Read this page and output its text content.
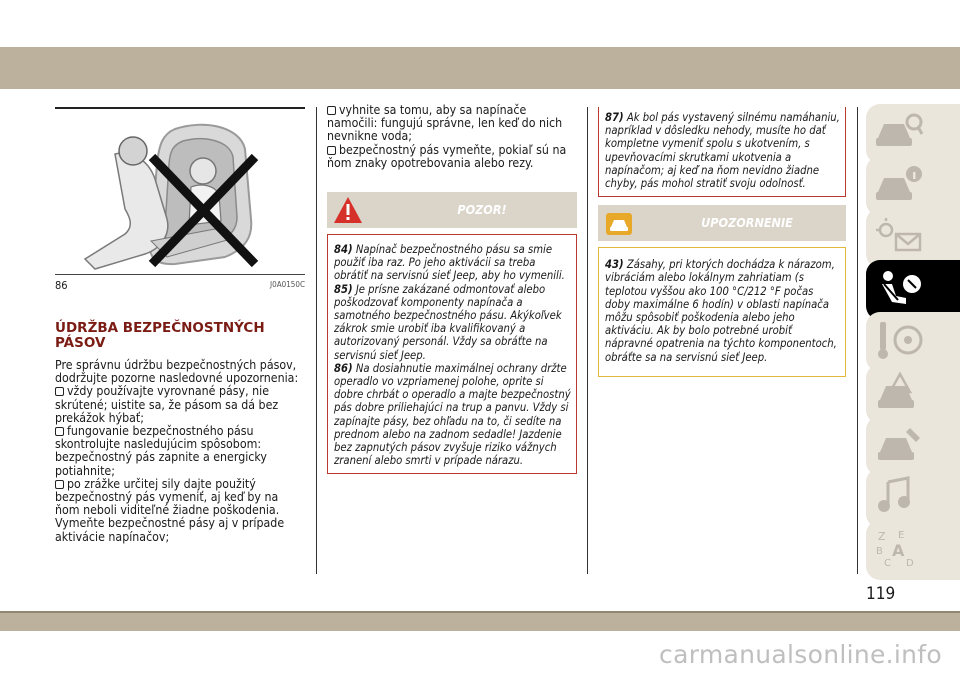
86	J0A0150C
ÚDRŽBA BEZPEČNOSTNÝCH PÁSOV

Pre správnu údržbu bezpečnostných pásov, dodržujte pozorne nasledovné upozornenia:

vždy používajte vyrovnané pásy, nie skrútené; uistite sa, že pásom sa dá bez prekážok hýbať;

fungovanie bezpečnostného pásu skontrolujte nasledujúcim spôsobom: bezpečnostný pás zapnite a energicky potiahnite;

po zrážke určitej sily dajte použitý bezpečnostný pás vymeniť, aj keď by na ňom neboli viditeľné žiadne poškodenia. Vymeňte bezpečnostné pásy aj v prípade aktivácie napínačov;

vyhnite sa tomu, aby sa napínače namočili: fungujú správne, len keď do nich nevnikne voda;

bezpečnostný pás vymeňte, pokiaľ sú na ňom znaky opotrebovania alebo rezy.

POZOR!

84) Napínač bezpečnostného pásu sa smie použiť iba raz. Po jeho aktivácii sa treba obrátiť na servisnú sieť Jeep, aby ho vymenili.

85) Je prísne zakázané odmontovať alebo poškodzovať komponenty napínača a samotného bezpečnostného pásu. Akýkoľvek zákrok smie urobiť iba kvalifikovaný a autorizovaný personál. Vždy sa obráťte na servisnú sieť Jeep.

86) Na dosiahnutie maximálnej ochrany držte operadlo vo vzpriamenej polohe, oprite si dobre chrbát o operadlo a majte bezpečnostný pás dobre priliehajúci na trup a panvu. Vždy si zapínajte pásy, bez ohľadu na to, či sedíte na prednom alebo na zadnom sedadle! Jazdenie bez zapnutých pásov zvyšuje riziko vážnych zranení alebo smrti v prípade nárazu.

87) Ak bol pás vystavený silnému namáhaniu, napríklad v dôsledku nehody, musíte ho dať kompletne vymeniť spolu s ukotvením, s upevňovacími skrutkami ukotvenia a napínačom; aj keď na ňom nevidno žiadne chyby, pás mohol stratiť svoju odolnosť.

UPOZORNENIE

43) Zásahy, pri ktorých dochádza k nárazom, vibráciám alebo lokálnym zahriatiam (s teplotou vyššou ako 100 °C/212 °F počas doby maximálne 6 hodín) v oblasti napínača môžu spôsobiť poškodenia alebo jeho aktiváciu. Ak by bolo potrebné urobiť nápravné opatrenia na týchto komponentoch, obráťte sa na servisnú sieť Jeep.

Z E
B A
C D
119
carmanualsonline.info
